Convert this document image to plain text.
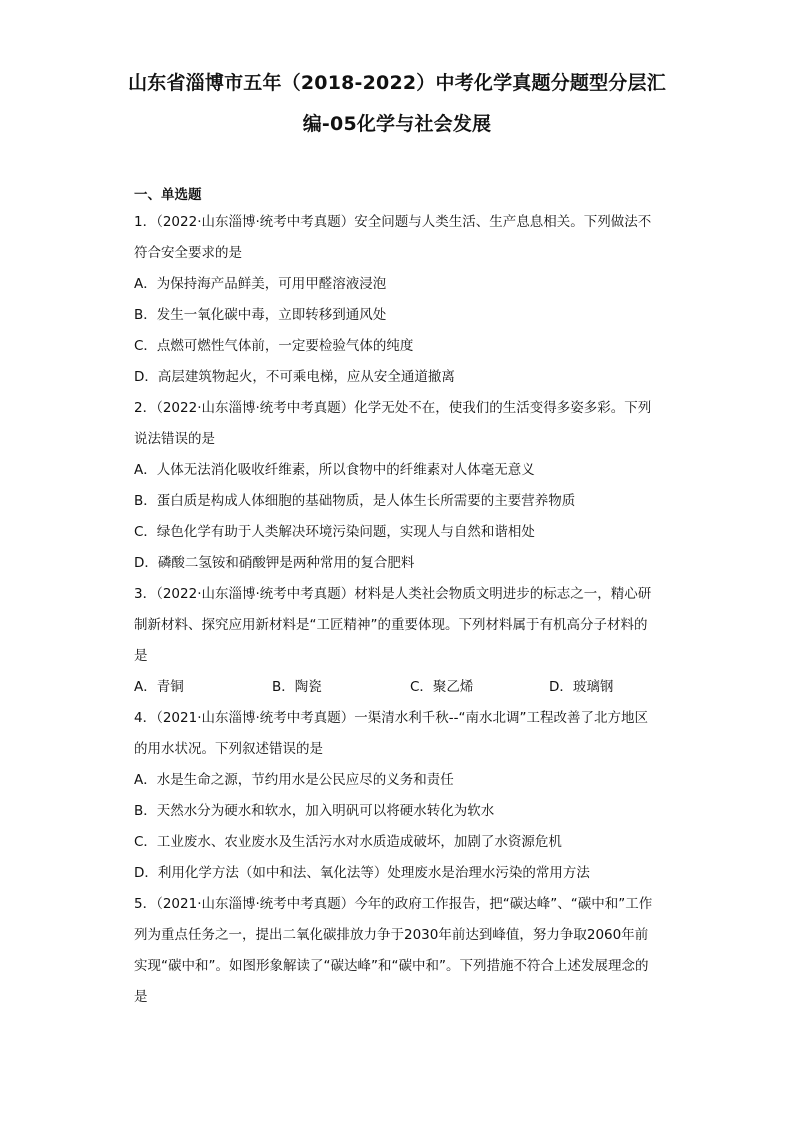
山东省淄博市五年（2018-2022）中考化学真题分题型分层汇
编-05化学与社会发展
一、单选题
1．（2022·山东淄博·统考中考真题）安全问题与人类生活、生产息息相关。下列做法不
符合安全要求的是
A．为保持海产品鲜美，可用甲醛溶液浸泡
B．发生一氧化碳中毒，立即转移到通风处
C．点燃可燃性气体前，一定要检验气体的纯度
D．高层建筑物起火，不可乘电梯，应从安全通道撤离
2．（2022·山东淄博·统考中考真题）化学无处不在，使我们的生活变得多姿多彩。下列
说法错误的是
A．人体无法消化吸收纤维素，所以食物中的纤维素对人体毫无意义
B．蛋白质是构成人体细胞的基础物质，是人体生长所需要的主要营养物质
C．绿色化学有助于人类解决环境污染问题，实现人与自然和谐相处
D．磷酸二氢铵和硝酸钾是两种常用的复合肥料
3．（2022·山东淄博·统考中考真题）材料是人类社会物质文明进步的标志之一，精心研
制新材料、探究应用新材料是“工匠精神”的重要体现。下列材料属于有机高分子材料的
是
A．青铜	B．陶瓷	C．聚乙烯	D．玻璃钢
4．（2021·山东淄博·统考中考真题）一渠清水利千秋--“南水北调”工程改善了北方地区
的用水状况。下列叙述错误的是
A．水是生命之源，节约用水是公民应尽的义务和责任
B．天然水分为硬水和软水，加入明矾可以将硬水转化为软水
C．工业废水、农业废水及生活污水对水质造成破坏，加剧了水资源危机
D．利用化学方法（如中和法、氧化法等）处理废水是治理水污染的常用方法
5．（2021·山东淄博·统考中考真题）今年的政府工作报告，把“碳达峰”、“碳中和”工作
列为重点任务之一，提出二氧化碳排放力争于2030年前达到峰值，努力争取2060年前
实现“碳中和”。如图形象解读了“碳达峰”和“碳中和”。下列措施不符合上述发展理念的
是
